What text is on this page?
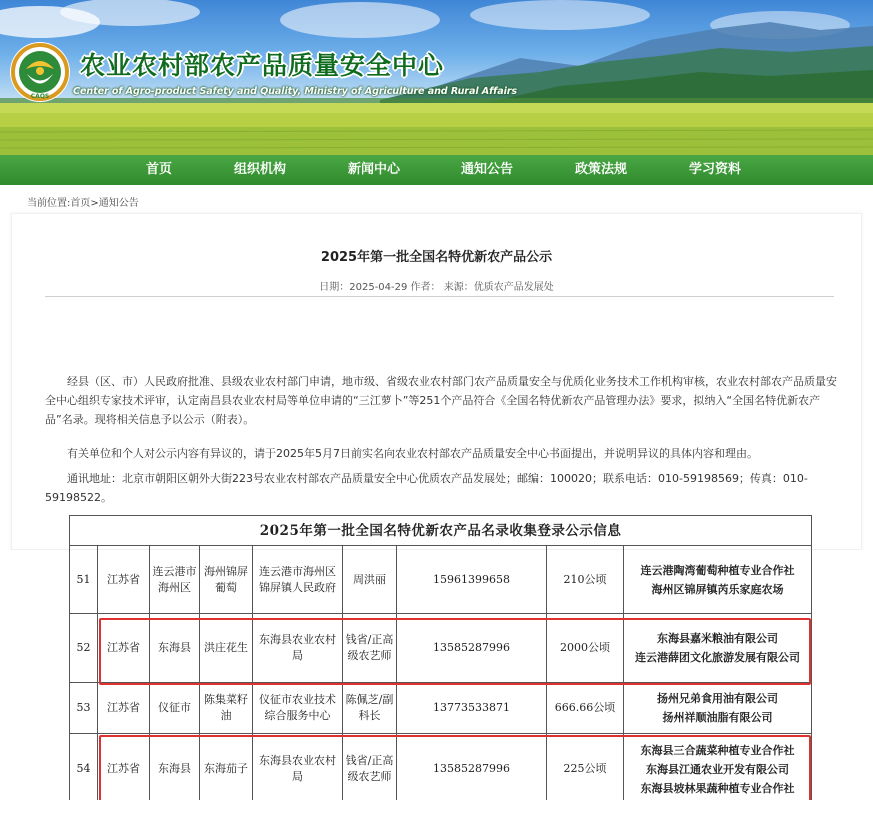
CAQS
农业农村部农产品质量安全中心
Center of Agro-product Safety and Quality, Ministry of Agriculture and Rural Affairs
首页	组织机构	新闻中心	通知公告	政策法规	学习资料
当前位置:首页>通知公告
2025年第一批全国名特优新农产品公示
日期：2025-04-29 作者： 来源：优质农产品发展处
经县（区、市）人民政府批准、县级农业农村部门申请，地市级、省级农业农村部门农产品质量安全与优质化业务技术工作机构审核，农业农村部农产品质量安全中心组织专家技术评审，认定南昌县农业农村局等单位申请的“三江萝卜”等251个产品符合《全国名特优新农产品管理办法》要求，拟纳入“全国名特优新农产品”名录。现将相关信息予以公示（附表）。
有关单位和个人对公示内容有异议的，请于2025年5月7日前实名向农业农村部农产品质量安全中心书面提出，并说明异议的具体内容和理由。
通讯地址：北京市朝阳区朝外大街223号农业农村部农产品质量安全中心优质农产品发展处；邮编：100020；联系电话：010-59198569；传真：010-59198522。
2025年第一批全国名特优新农产品名录收集登录公示信息								
51	江苏省	连云港市海州区	海州锦屏葡萄	连云港市海州区锦屏镇人民政府	周洪丽	15961399658	210公顷	连云港陶湾葡萄种植专业合作社
海州区锦屏镇芮乐家庭农场

52	江苏省	东海县	洪庄花生	东海县农业农村局	钱省/正高级农艺师	13585287996	2000公顷	东海县嘉米粮油有限公司
连云港薛团文化旅游发展有限公司

53	江苏省	仪征市	陈集菜籽油	仪征市农业技术综合服务中心	陈佩芝/副科长	13773533871	666.66公顷	扬州兄弟食用油有限公司
扬州祥顺油脂有限公司

54	江苏省	东海县	东海茄子	东海县农业农村局	钱省/正高级农艺师	13585287996	225公顷	东海县三合蔬菜种植专业合作社
东海县江通农业开发有限公司
东海县坡林果蔬种植专业合作社
